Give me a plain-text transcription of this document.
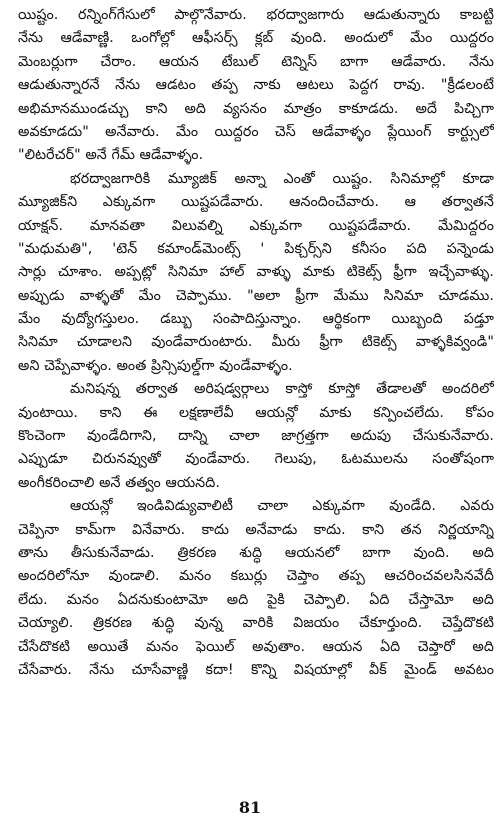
యిష్టం. రన్నింగ్‌గేసులో పాల్గొనేవారు. భరద్వాజగారు ఆడుతున్నారు కాబట్టి
నేను ఆడేవాణ్ణి. ఒంగోల్లో ఆఫీసర్స్ క్లబ్ వుంది. అందులో మేం యిద్దరం
మెంబర్లుగా చేరాం. ఆయన టేబుల్ టెన్నిస్ బాగా ఆడేవారు. నేను
ఆడుతున్నారనే నేను ఆడటం తప్ప నాకు ఆటలు పెద్దగ రావు. "క్రీడలంటే
అభిమానముండచ్చు కాని అది వ్యసనం మాత్రం కాకూడదు. అదే పిచ్చిగా
అవకూడదు" అనేవారు. మేం యిద్దరం చెస్ ఆడేవాళ్ళం ప్లేయింగ్ కార్ట్సులో
"లిటరేచర్" అనే గేమ్ ఆడేవాళ్ళం.
భరద్వాజగారికి మ్యూజిక్ అన్నా ఎంతో యిష్టం. సినిమాల్లో కూడా
మ్యూజిక్‌ని ఎక్కువగా యిష్టపడేవారు. ఆనందించేవారు. ఆ తర్వాతనే
యాక్షన్. మానవతా విలువల్ని ఎక్కువగా యిష్టపడేవారు. మేమిద్దరం
"మధుమతి", 'టెన్ కమాండ్‌మెంట్స్ ' పిక్చర్స్‌ని కనీసం పది పన్నెండు
సార్లు చూశాం. అప్పట్లో సినిమా హాల్ వాళ్ళు మాకు టికెట్స్ ఫ్రీగా ఇచ్చేవాళ్ళు.
అప్పుడు వాళ్ళతో మేం చెప్పాము. "అలా ఫ్రీగా మేము సినిమా చూడము.
మేం వుద్యోగస్తులం. డబ్బు సంపాదిస్తున్నాం. ఆర్థికంగా యిబ్బంది పడ్తూ
సినిమా చూడాలని వుండేవారుంటారు. మీరు ఫ్రీగా టికెట్స్ వాళ్ళకివ్వండి"
అని చెప్పేవాళ్ళం. అంత ప్రిన్సిపుల్డ్‌గా వుండేవాళ్ళం.
మనిషన్న తర్వాత అరిషడ్వర్గాలు కాస్తో కూస్తో తేడాలతో అందరిలో
వుంటాయి. కాని ఈ లక్షణాలేవీ ఆయన్లో మాకు కన్పించలేదు. కోపం
కొంచెంగా వుండేదిగాని, దాన్ని చాలా జాగ్రత్తగా అదుపు చేసుకునేవారు.
ఎప్పుడూ చిరునవ్వుతో వుండేవారు. గెలుపు, ఓటములను సంతోషంగా
అంగీకరించాలి అనే తత్వం ఆయనది.
ఆయన్లో ఇండివిడ్యువాలిటీ చాలా ఎక్కువగా వుండేది. ఎవరు
చెప్పినా కామ్‌గా వినేవారు. కాదు అనేవాడు కాదు. కాని తన నిర్ణయాన్ని
తాను తీసుకునేవాడు. త్రికరణ శుద్ధి ఆయనలో బాగా వుంది. అది
అందరిలోనూ వుండాలి. మనం కబుర్లు చెప్తాం తప్ప ఆచరించవలసినవేదీ
లేదు. మనం ఏదనుకుంటామో అది పైకి చెప్పాలి. ఏది చేస్తామో అది
చెయ్యాలి. త్రికరణ శుద్ధి వున్న వారికి విజయం చేకూర్తుంది. చెప్తేదొకటి
చేసేదొకటి అయితే మనం ఫెయిల్ అవుతాం. ఆయన ఏది చెప్తారో అది
చేసేవారు. నేను చూసేవాణ్ణి కదా! కొన్ని విషయాల్లో వీక్ మైండ్ అవటం
81
